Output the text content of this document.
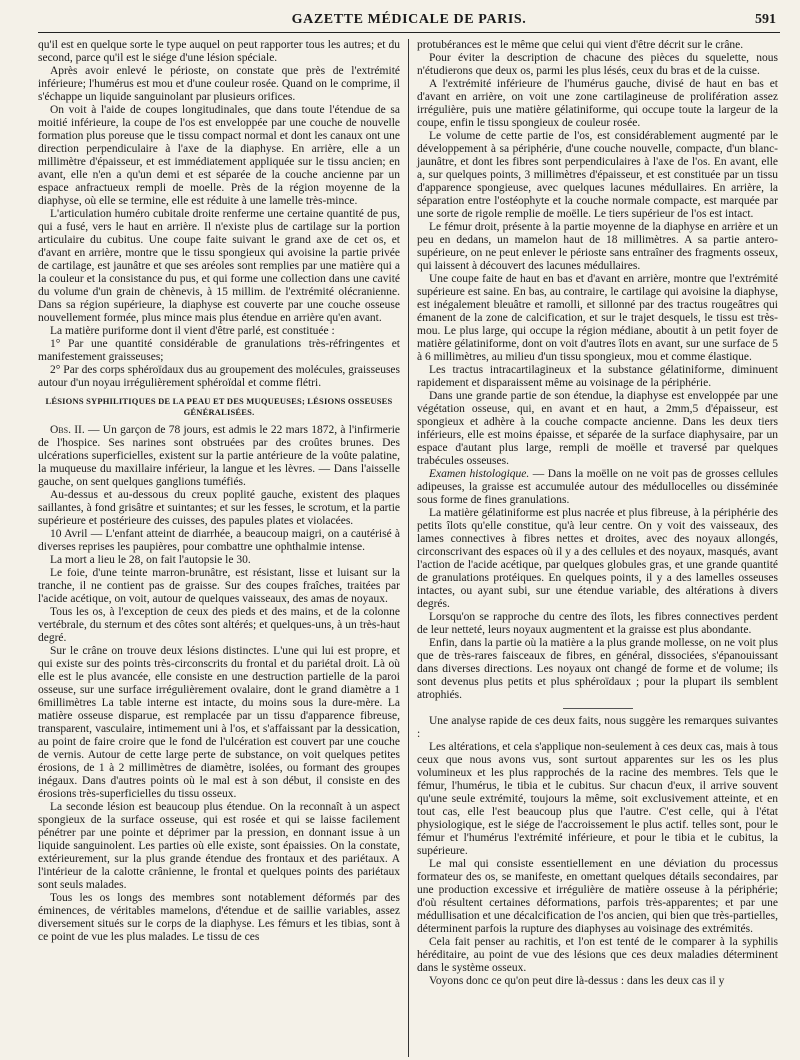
GAZETTE MÉDICALE DE PARIS.	591

qu'il est en quelque sorte le type auquel on peut rapporter tous les autres; et du second, parce qu'il est le siége d'une lésion spéciale.

Après avoir enlevé le périoste, on constate que près de l'extrémité inférieure; l'humérus est mou et d'une couleur rosée. Quand on le comprime, il s'échappe un liquide sanguinolant par plusieurs orifices.

On voit à l'aide de coupes longitudinales, que dans toute l'étendue de sa moitié inférieure, la coupe de l'os est enveloppée par une couche de nouvelle formation plus poreuse que le tissu compact normal et dont les canaux ont une direction perpendiculaire à l'axe de la diaphyse. En arrière, elle a un millimètre d'épaisseur, et est immédiatement appliquée sur le tissu ancien; en avant, elle n'en a qu'un demi et est séparée de la couche ancienne par un espace anfractueux rempli de moelle. Près de la région moyenne de la diaphyse, où elle se termine, elle est réduite à une lamelle très-mince.

L'articulation huméro cubitale droite renferme une certaine quantité de pus, qui a fusé, vers le haut en arrière. Il n'existe plus de cartilage sur la portion articulaire du cubitus. Une coupe faite suivant le grand axe de cet os, et d'avant en arrière, montre que le tissu spongieux qui avoisine la partie privée de cartilage, est jaunâtre et que ses aréoles sont remplies par une matière qui a la couleur et la consistance du pus, et qui forme une collection dans une cavité du volume d'un grain de chènevis, à 15 millim. de l'extrémité olécranienne. Dans sa région supérieure, la diaphyse est couverte par une couche osseuse nouvellement formée, plus mince mais plus étendue en arrière qu'en avant.

La matière puriforme dont il vient d'être parlé, est constituée :

1° Par une quantité considérable de granulations très-réfringentes et manifestement graisseuses;

2° Par des corps sphéroïdaux dus au groupement des molécules, graisseuses autour d'un noyau irrégulièrement sphéroïdal et comme flétri.

LÉSIONS SYPHILITIQUES DE LA PEAU ET DES MUQUEUSES; LÉSIONS OSSEUSES GÉNÉRALISÉES.

Obs. II. — Un garçon de 78 jours, est admis le 22 mars 1872, à l'infirmerie de l'hospice. Ses narines sont obstruées par des croûtes brunes. Des ulcérations superficielles, existent sur la partie antérieure de la voûte palatine, la muqueuse du maxillaire inférieur, la langue et les lèvres. — Dans l'aisselle gauche, on sent quelques ganglions tuméfiés.

Au-dessus et au-dessous du creux poplité gauche, existent des plaques saillantes, à fond grisâtre et suintantes; et sur les fesses, le scrotum, et la partie supérieure et postérieure des cuisses, des papules plates et violacées.

10 Avril — L'enfant atteint de diarrhée, a beaucoup maigri, on a cautérisé à diverses reprises les paupières, pour combattre une ophthalmie intense.

La mort a lieu le 28, on fait l'autopsie le 30.

Le foie, d'une teinte marron-brunâtre, est résistant, lisse et luisant sur la tranche, il ne contient pas de graisse. Sur des coupes fraîches, traitées par l'acide acétique, on voit, autour de quelques vaisseaux, des amas de noyaux.

Tous les os, à l'exception de ceux des pieds et des mains, et de la colonne vertébrale, du sternum et des côtes sont altérés; et quelques-uns, à un très-haut degré.

Sur le crâne on trouve deux lésions distinctes. L'une qui lui est propre, et qui existe sur des points très-circonscrits du frontal et du pariétal droit. Là où elle est le plus avancée, elle consiste en une destruction partielle de la paroi osseuse, sur une surface irrégulièrement ovalaire, dont le grand diamètre a 1 6millimètres La table interne est intacte, du moins sous la dure-mère. La matière osseuse disparue, est remplacée par un tissu d'apparence fibreuse, transparent, vasculaire, intimement uni à l'os, et s'affaissant par la dessication, au point de faire croire que le fond de l'ulcération est couvert par une couche de vernis. Autour de cette large perte de substance, on voit quelques petites érosions, de 1 à 2 millimètres de diamètre, isolées, ou formant des groupes inégaux. Dans d'autres points où le mal est à son début, il consiste en des érosions très-superficielles du tissu osseux.

La seconde lésion est beaucoup plus étendue. On la reconnaît à un aspect spongieux de la surface osseuse, qui est rosée et qui se laisse facilement pénétrer par une pointe et déprimer par la pression, en donnant issue à un liquide sanguinolent. Les parties où elle existe, sont épaissies. On la constate, extérieurement, sur la plus grande étendue des frontaux et des pariétaux. A l'intérieur de la calotte crânienne, le frontal et quelques points des pariétaux sont seuls malades.

Tous les os longs des membres sont notablement déformés par des éminences, de véritables mamelons, d'étendue et de saillie variables, assez diversement situés sur le corps de la diaphyse. Les fémurs et les tibias, sont à ce point de vue les plus malades. Le tissu de ces

protubérances est le même que celui qui vient d'être décrit sur le crâne.

Pour éviter la description de chacune des pièces du squelette, nous n'étudierons que deux os, parmi les plus lésés, ceux du bras et de la cuisse.

A l'extrémité inférieure de l'humérus gauche, divisé de haut en bas et d'avant en arrière, on voit une zone cartilagineuse de prolifération assez irrégulière, puis une matière gélatiniforme, qui occupe toute la largeur de la coupe, enfin le tissu spongieux de couleur rosée.

Le volume de cette partie de l'os, est considérablement augmenté par le développement à sa périphérie, d'une couche nouvelle, compacte, d'un blanc-jaunâtre, et dont les fibres sont perpendiculaires à l'axe de l'os. En avant, elle a, sur quelques points, 3 millimètres d'épaisseur, et est constituée par un tissu d'apparence spongieuse, avec quelques lacunes médullaires. En arrière, la séparation entre l'ostéophyte et la couche normale compacte, est marquée par une sorte de rigole remplie de moëlle. Le tiers supérieur de l'os est intact.

Le fémur droit, présente à la partie moyenne de la diaphyse en arrière et un peu en dedans, un mamelon haut de 18 millimètres. A sa partie antero-supérieure, on ne peut enlever le périoste sans entraîner des fragments osseux, qui laissent à découvert des lacunes médullaires.

Une coupe faite de haut en bas et d'avant en arrière, montre que l'extrémité supérieure est saine. En bas, au contraire, le cartilage qui avoisine la diaphyse, est inégalement bleuâtre et ramolli, et sillonné par des tractus rougeâtres qui émanent de la zone de calcification, et sur le trajet desquels, le tissu est très-mou. Le plus large, qui occupe la région médiane, aboutit à un petit foyer de matière gélatiniforme, dont on voit d'autres îlots en avant, sur une surface de 5 à 6 millimètres, au milieu d'un tissu spongieux, mou et comme élastique.

Les tractus intracartilagineux et la substance gélatiniforme, diminuent rapidement et disparaissent même au voisinage de la périphérie.

Dans une grande partie de son étendue, la diaphyse est enveloppée par une végétation osseuse, qui, en avant et en haut, a 2mm,5 d'épaisseur, est spongieux et adhère à la couche compacte ancienne. Dans les deux tiers inférieurs, elle est moins épaisse, et séparée de la surface diaphysaire, par un espace d'autant plus large, rempli de moëlle et traversé par quelques trabécules osseuses.

Examen histologique. — Dans la moëlle on ne voit pas de grosses cellules adipeuses, la graisse est accumulée autour des médullocelles ou disséminée sous forme de fines granulations.

La matière gélatiniforme est plus nacrée et plus fibreuse, à la périphérie des petits îlots qu'elle constitue, qu'à leur centre. On y voit des vaisseaux, des lames connectives à fibres nettes et droites, avec des noyaux allongés, circonscrivant des espaces où il y a des cellules et des noyaux, masqués, avant l'action de l'acide acétique, par quelques globules gras, et une grande quantité de granulations protéiques. En quelques points, il y a des lamelles osseuses intactes, ou ayant subi, sur une étendue variable, des altérations à divers degrés.

Lorsqu'on se rapproche du centre des îlots, les fibres connectives perdent de leur netteté, leurs noyaux augmentent et la graisse est plus abondante.

Enfin, dans la partie où la matière a la plus grande mollesse, on ne voit plus que de très-rares faisceaux de fibres, en général, dissociées, s'épanouissant dans diverses directions. Les noyaux ont changé de forme et de volume; ils sont devenus plus petits et plus sphéroïdaux ; pour la plupart ils semblent atrophiés.

Une analyse rapide de ces deux faits, nous suggère les remarques suivantes :

Les altérations, et cela s'applique non-seulement à ces deux cas, mais à tous ceux que nous avons vus, sont surtout apparentes sur les os les plus volumineux et les plus rapprochés de la racine des membres. Tels que le fémur, l'humérus, le tibia et le cubitus. Sur chacun d'eux, il arrive souvent qu'une seule extrémité, toujours la même, soit exclusivement atteinte, et en tout cas, elle l'est beaucoup plus que l'autre. C'est celle, qui à l'état physiologique, est le siége de l'accroissement le plus actif. telles sont, pour le fémur et l'humérus l'extrémité inférieure, et pour le tibia et le cubitus, la supérieure.

Le mal qui consiste essentiellement en une déviation du processus formateur des os, se manifeste, en omettant quelques détails secondaires, par une production excessive et irrégulière de matière osseuse à la périphérie; d'où résultent certaines déformations, parfois très-apparentes; et par une médullisation et une décalcification de l'os ancien, qui bien que très-partielles, déterminent parfois la rupture des diaphyses au voisinage des extrémités.

Cela fait penser au rachitis, et l'on est tenté de le comparer à la syphilis héréditaire, au point de vue des lésions que ces deux maladies déterminent dans le système osseux.

Voyons donc ce qu'on peut dire là-dessus : dans les deux cas il y
